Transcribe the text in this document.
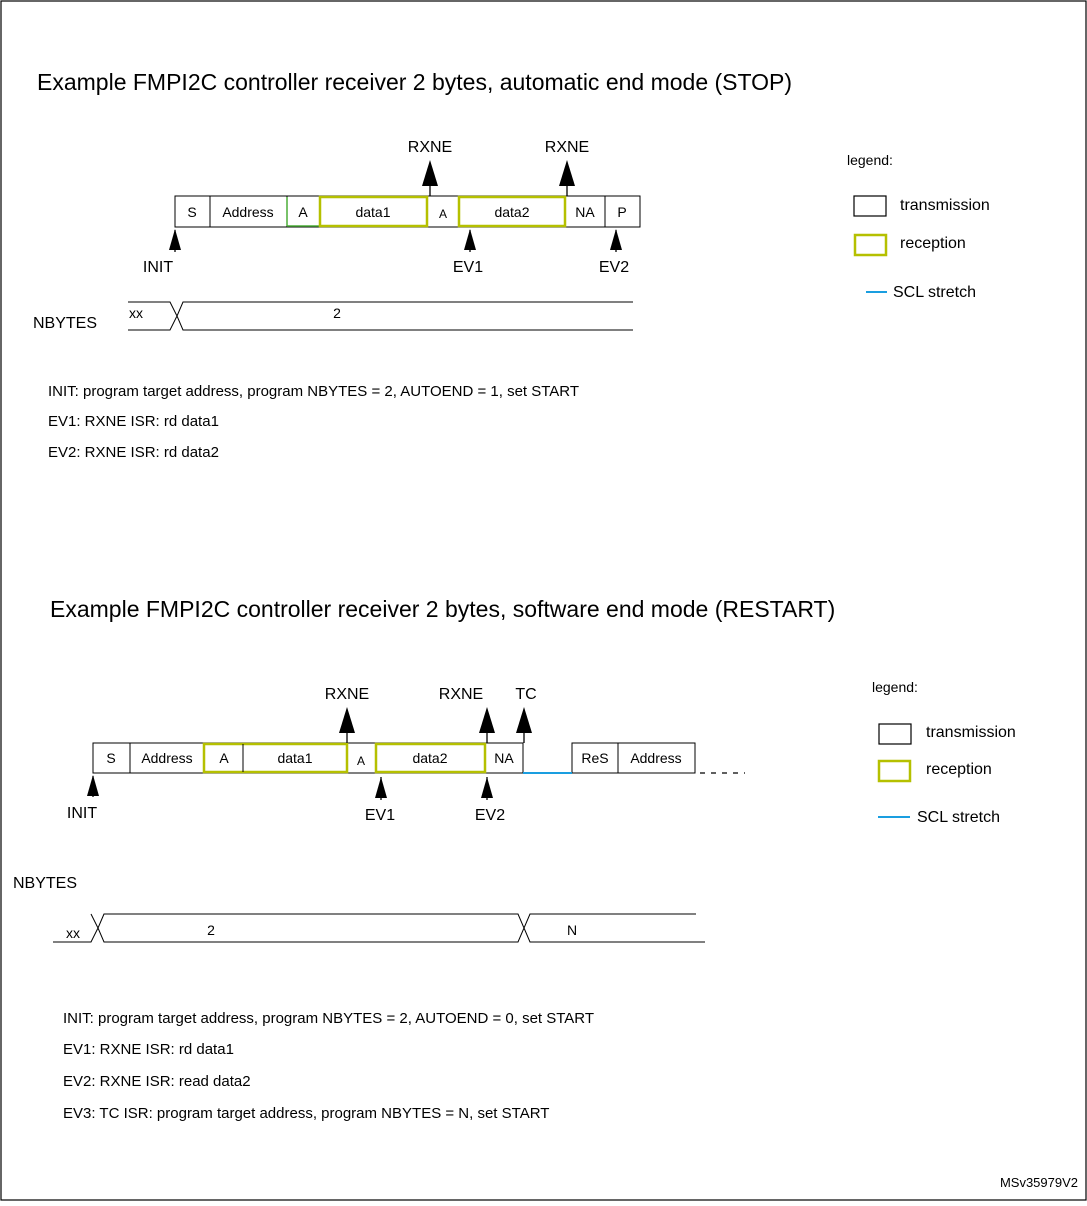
Example FMPI2C controller receiver 2 bytes, automatic end mode (STOP)
S Address A	data1	A	data2	NA P
RXNE	RXNE
INIT	EV1	EV2
NBYTES
xx	2
INIT: program target address, program NBYTES = 2, AUTOEND = 1, set START
EV1: RXNE ISR: rd data1
EV2: RXNE ISR: rd data2
legend:
transmission
reception
SCL stretch
Example FMPI2C controller receiver 2 bytes, software end mode (RESTART)
S Address A	data1	A	data2	NA	ReS Address
RXNE	RXNE TC
INIT	EV1	EV2
NBYTES
xx	2	N
INIT: program target address, program NBYTES = 2, AUTOEND = 0, set START
EV1: RXNE ISR: rd data1
EV2: RXNE ISR: read data2
EV3: TC ISR: program target address, program NBYTES = N, set START
legend:
transmission
reception
SCL stretch
MSv35979V2
